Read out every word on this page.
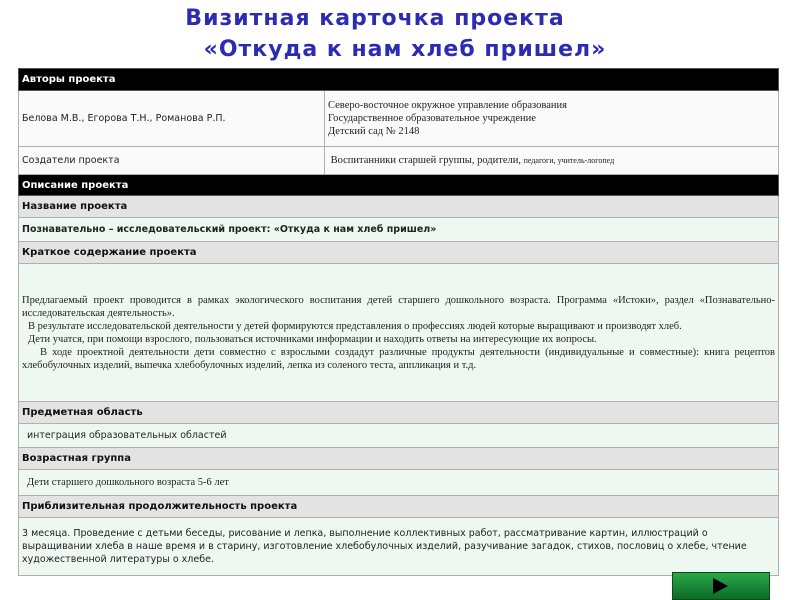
Визитная карточка проекта
«Откуда к нам хлеб пришел»
Авторы проекта	
Белова М.В., Егорова Т.Н., Романова Р.П.	Северо-восточное окружное управление образования
Государственное образовательное учреждение
Детский сад № 2148

Создатели проекта	Воспитанники старшей группы, родители, педагоги, учитель-логопед
Описание проекта	
Название проекта	
Познавательно – исследовательский проект: «Откуда к нам хлеб пришел»	
Краткое содержание проекта	

Предлагаемый проект проводится в рамках экологического воспитания детей старшего дошкольного возраста. Программа «Истоки», раздел «Познавательно-исследовательская деятельность».

В результате исследовательской деятельности у детей формируются представления о профессиях людей которые выращивают и производят хлеб.

Дети учатся, при помощи взрослого, пользоваться источниками информации и находить ответы на интересующие их вопросы.

В ходе проектной деятельности дети совместно с взрослыми создадут различные продукты деятельности (индивидуальные и совместные): книга рецептов хлебобулочных изделий, выпечка хлебобулочных изделий, лепка из соленого теста, аппликация и т.д.	

Предметная область	
интеграция образовательных областей	
Возрастная группа	
Дети старшего дошкольного возраста 5-6 лет	
Приблизительная продолжительность проекта	
3 месяца. Проведение с детьми беседы, рисование и лепка, выполнение коллективных работ, рассматривание картин, иллюстраций о выращивании хлеба в наше время и в старину, изготовление хлебобулочных изделий, разучивание загадок, стихов, пословиц о хлебе, чтение художественной литературы о хлебе.	
